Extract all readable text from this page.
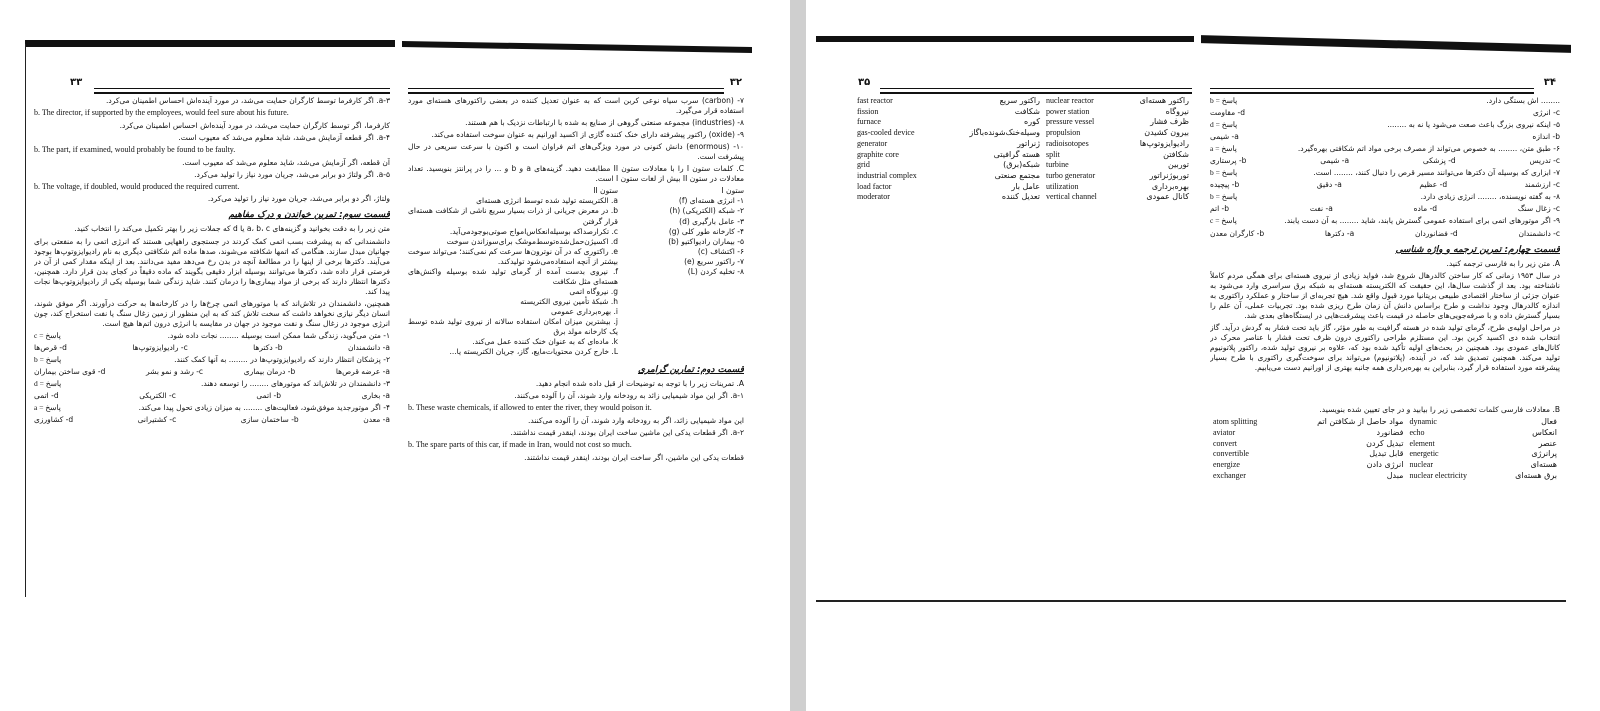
۳۳

a-۳. اگر کارفرما توسط کارگران حمایت می‌شد، در مورد آینده‌اش احساس اطمینان می‌کرد.

b. The director, if supported by the employees, would feel sure about his future.

کارفرما، اگر توسط کارگران حمایت می‌شد، در مورد آینده‌اش احساس اطمینان می‌کرد.

a-۴. اگر قطعه آزمایش می‌شد، شاید معلوم می‌شد که معیوب است.

b. The part, if examined, would probably be found to be faulty.

آن قطعه، اگر آزمایش می‌شد، شاید معلوم می‌شد که معیوب است.

a-۵. اگر ولتاژ دو برابر می‌شد، جریان مورد نیاز را تولید می‌کرد.

b. The voltage, if doubled, would produced the required current.

ولتاژ، اگر دو برابر می‌شد، جریان مورد نیاز را تولید می‌کرد.

قسمت سوم: تمرین خواندن و درک مفاهیم

متن زیر را به دقت بخوانید و گزینه‌های a، b، c یا d که جملات زیر را بهتر تکمیل می‌کند را انتخاب کنید.

دانشمندانی که به پیشرفت بسب اتمی کمک کردند در جستجوی راههایی هستند که انرژی اتمی را به منفعتی برای جهانیان مبدل سازند. هنگامی که اتمها شکافته می‌شوند، صدها ماده اتم شکافتی دیگری به نام رادیوایزوتوپ‌ها بوجود می‌آیند. دکترها برخی از اینها را در مطالعهٔ آنچه در بدن رخ می‌دهد مفید می‌دانند. بعد از اینکه مقدار کمی از آن در فرصتی قرار داده شد، دکترها می‌توانند بوسیله ابزار دقیقی بگویند که ماده دقیقاً در کجای بدن قرار دارد. همچنین، دکترها انتظار دارند که برخی از مواد بیماری‌ها را درمان کنند. شاید زندگی شما بوسیله یکی از رادیوایزوتوپ‌ها نجات پیدا کند.

همچنین، دانشمندان در تلاش‌اند که با موتورهای اتمی چرخ‌ها را در کارخانه‌ها به حرکت درآورند. اگر موفق شوند، انسان دیگر نیازی نخواهد داشت که سخت تلاش کند که به این منظور از زمین زغال سنگ یا نفت استخراج کند، چون انرژی موجود در زغال سنگ و نفت موجود در جهان در مقایسه با انرژی درون اتم‌ها هیچ است.

۱- متن می‌گوید، زندگی شما ممکن است بوسیله ........ نجات داده شود.
پاسخ = c
a- دانشمندان
b- دکترها
c- رادیوایزوتوپ‌ها
d- قرص‌ها
۲- پزشکان انتظار دارند که رادیوایزوتوپ‌ها در ........ به آنها کمک کنند.
پاسخ = b
a- عرضه قرص‌ها
b- درمان بیماری
c- رشد و نمو بشر
d- قوی ساختن بیماران
۳- دانشمندان در تلاش‌اند که موتورهای ........ را توسعه دهند.
پاسخ = d
a- بخاری
b- اتمی
c- الکتریکی
d- اتمی
۴- اگر موتورجدید موفق‌شود، فعالیت‌های ........ به میزان زیادی تحول پیدا می‌کند.
پاسخ = a
a- معدن
b- ساختمان سازی
c- کشتیرانی
d- کشاورزی
۳۲

۷- (carbon) سرب سیاه نوعی کربن است که به عنوان تعدیل کننده در بعضی راکتورهای هسته‌ای مورد استفاده قرار می‌گیرد.

۸- (industries) مجموعه صنعتی گروهی از صنایع به شده با ارتباطات نزدیک با هم هستند.

۹- (oxide) راکتور پیشرفته دارای خنک کننده گازی از اکسید اورانیم به عنوان سوخت استفاده می‌کند.

۱۰- (enormous) دانش کنونی در مورد ویژگی‌های اتم فراوان است و اکنون با سرعت سریعی در حال پیشرفت است.

C. کلمات ستون I را با معادلات ستون II مطابقت دهید. گزینه‌های a و b و ... را در پرانتز بنویسید. تعداد معادلات در ستون II بیش از لغات ستون I است.

ستون I
۱- انرژی هسته‌ای (f)
۲- شبکه (الکتریکی) (h)
۳- عامل بارگیری (d)
۴- کارخانه طور کلی (g)
۵- بیماران رادیواکتیو (b)
۶- اکتشاف (c)
۷- راکتور سریع (e)
۸- تخلیه کردن (L)
ستون II
a. الکتریسته تولید شده توسط انرژی هسته‌ای
b. در معرض جریانی از ذرات بسیار سریع ناشی از شکافت هسته‌ای قرار گرفتن
c. تکرارصداکه بوسیله‌انعکاس‌امواج صوتی‌بوجودمی‌آید.
d. اکسیژن‌حمل‌شده‌توسط‌موشک برای‌سوزاندن سوخت
e. راکتوری که در آن نوترون‌ها سرعت کم نمی‌کنند؛ می‌تواند سوخت بیشتر از آنچه استفاده‌می‌شود تولیدکند.
f. نیروی بدست آمده از گرمای تولید شده بوسیله واکنش‌های هسته‌ای مثل شکافت
g. نیروگاه اتمی
h. شبکهٔ تأمین نیروی الکتریسته
i. بهره‌برداری عمومی
j. بیشترین میزان امکان استفاده سالانه از نیروی تولید شده توسط یک کارخانه مولد برق
k. ماده‌ای که به عنوان خنک کننده عمل می‌کند.
L. خارج کردن محتویات‌مایع، گاز، جریان الکتریسته یا...
قسمت دوم: تمارین گرامری

A. تمرینات زیر را با توجه به توضیحات از قبل داده شده انجام دهید.

a-۱. اگر این مواد شیمیایی زائد به رودخانه وارد شوند، آن را آلوده می‌کنند.

b. These waste chemicals, if allowed to enter the river, they would poison it.

این مواد شیمیایی زائد، اگر به رودخانه وارد شوند، آن را آلوده می‌کنند.

a-۲. اگر قطعات یدکی این ماشین ساخت ایران بودند، اینقدر قیمت نداشتند.

b. The spare parts of this car, if made in Iran, would not cost so much.

قطعات یدکی این ماشین، اگر ساخت ایران بودند، اینقدر قیمت نداشتند.

۳۵
fast reactor	راکتور سریع	nuclear reactor	راکتور هسته‌ای
fission	شکافت	power station	نیروگاه
furnace	کوره	pressure vessel	ظرف فشار
gas-cooled device	وسیله‌خنک‌شونده‌باگاز	propulsion	بیرون کشیدن
generator	ژنراتور	radioisotopes	رادیوایزوتوپ‌ها
graphite core	هسته گرافیتی	split	شکافتن
grid	شبکه(برق)	turbine	توربین
industrial complex	مجتمع صنعتی	turbo generator	توربوژنراتور
load factor	عامل بار	utilization	بهره‌برداری
moderator	تعدیل کننده	vertical channel	کانال عمودی
۳۴
........ اش بستگی دارد.
پاسخ = b
c- انرژی
d- مقاومت
۵- اینکه نیروی بزرگ باعث صعت می‌شود یا نه به ........
پاسخ = d
b- اندازه
a- شیمی
۶- طبق متن، ........ به خصوص می‌تواند از مصرف برخی مواد اتم شکافتی بهره‌گیرد.
پاسخ = a
c- تدریس
d- پزشکی
a- شیمی
b- پرستاری
۷- ابزاری که بوسیله آن دکترها می‌توانند مسیر قرص را دنبال کنند، ........ است.
پاسخ = b
c- ارزشمند
d- عظیم
a- دقیق
b- پیچیده
۸- به گفته نویسنده، ........ انرژی زیادی دارد.
پاسخ = b
c- زغال سنگ
d- ماده
a- نفت
b- اتم
۹- اگر موتورهای اتمی برای استفاده عمومی گسترش یابند، شاید ........ به آن دست یابند.
پاسخ = c
c- دانشمندان
d- فضانوردان
a- دکترها
b- کارگران معدن
قسمت چهارم: تمرین ترجمه و واژه شناسی

A. متن زیر را به فارسی ترجمه کنید.

در سال ۱۹۵۳ زمانی که کار ساختن کالدرهال شروع شد، فواید زیادی از نیروی هسته‌ای برای همگی مردم کاملاً ناشناخته بود. بعد از گذشت سال‌ها، این حقیقت که الکتریسته هسته‌ای به شبکه برق سراسری وارد می‌شود به عنوان جزئی از ساختار اقتصادی طبیعی بریتانیا مورد قبول واقع شد. هیچ تجربه‌ای از ساختار و عملکرد راکتوری به اندازه کالدرهال وجود نداشت و طرح براساس دانش آن زمان طرح ریزی شده بود. تجربیات عملی، آن علم را بسیار گسترش داده و با صرفه‌جویی‌های حاصله در قیمت باعث پیشرفت‌هایی در ایستگاه‌های بعدی شد.

در مراحل اولیه‌ی طرح، گرمای تولید شده در هسته گرافیت به طور مؤثر، گاز باید تحت فشار به گردش درآید. گاز انتخاب شده دی اکسید کربن بود. این مستلزم طراحی راکتوری درون ظرف تحت فشار با عناصر محرک در کانال‌های عمودی بود. همچنین در بحث‌های اولیه تأکید شده بود که، علاوه بر نیروی تولید شده، راکتور پلاتونیوم تولید می‌کند. همچنین تصدیق شد که، در آینده، (پلاتونیوم) می‌تواند برای سوخت‌گیری راکتوری با طرح بسیار پیشرفته مورد استفاده قرار گیرد، بنابراین به بهره‌برداری همه جانبه بهتری از اورانیم دست می‌یابیم.

B. معادلات فارسی کلمات تخصصی زیر را بیابید و در جای تعیین شده بنویسید.

atom splitting	مواد حاصل از شکافتن اتم	dynamic	فعال
aviator	فضانورد	echo	انعکاس
convert	تبدیل کردن	element	عنصر
convertible	قابل تبدیل	energetic	پرانرژی
energize	انرژی دادن	nuclear	هسته‌ای
exchanger	مبدل	nuclear electricity	برق هسته‌ای
